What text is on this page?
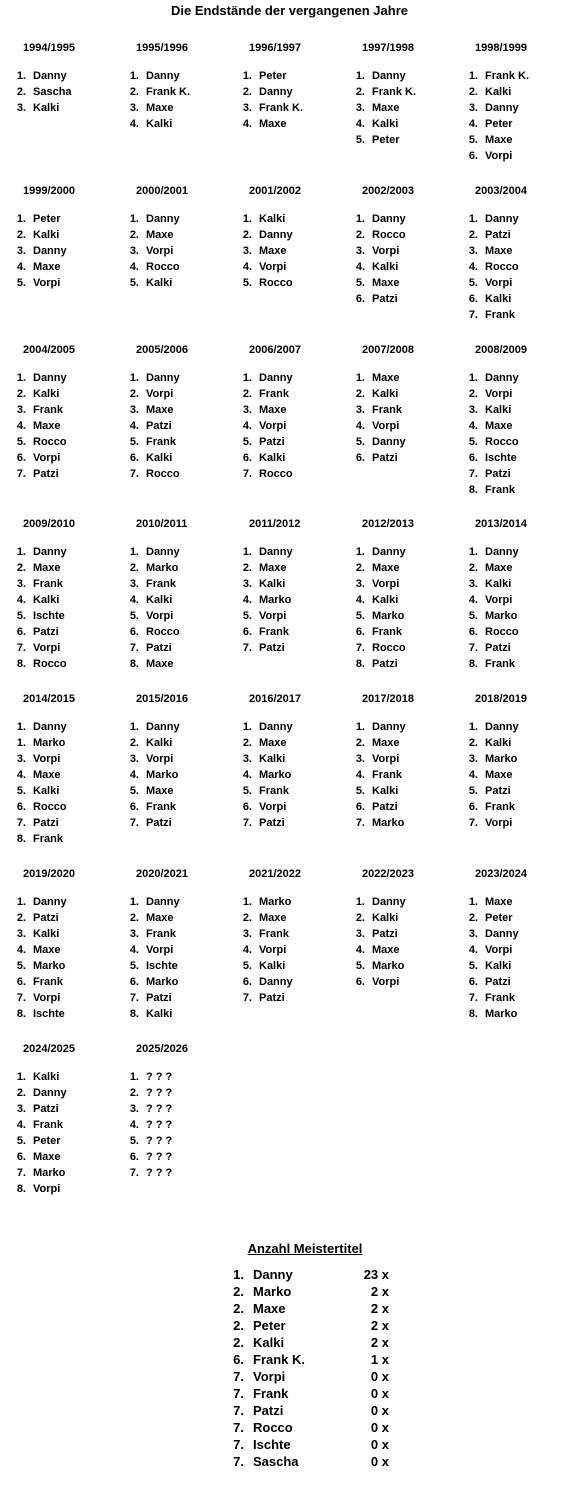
Die Endstände der vergangenen Jahre
1994/1995
1. Danny
2. Sascha
3. Kalki
1995/1996
1. Danny
2. Frank K.
3. Maxe
4. Kalki
1996/1997
1. Peter
2. Danny
3. Frank K.
4. Maxe
1997/1998
1. Danny
2. Frank K.
3. Maxe
4. Kalki
5. Peter
1998/1999
1. Frank K.
2. Kalki
3. Danny
4. Peter
5. Maxe
6. Vorpi
1999/2000
1. Peter
2. Kalki
3. Danny
4. Maxe
5. Vorpi
2000/2001
1. Danny
2. Maxe
3. Vorpi
4. Rocco
5. Kalki
2001/2002
1. Kalki
2. Danny
3. Maxe
4. Vorpi
5. Rocco
2002/2003
1. Danny
2. Rocco
3. Vorpi
4. Kalki
5. Maxe
6. Patzi
2003/2004
1. Danny
2. Patzi
3. Maxe
4. Rocco
5. Vorpi
6. Kalki
7. Frank
2004/2005
1. Danny
2. Kalki
3. Frank
4. Maxe
5. Rocco
6. Vorpi
7. Patzi
2005/2006
1. Danny
2. Vorpi
3. Maxe
4. Patzi
5. Frank
6. Kalki
7. Rocco
2006/2007
1. Danny
2. Frank
3. Maxe
4. Vorpi
5. Patzi
6. Kalki
7. Rocco
2007/2008
1. Maxe
2. Kalki
3. Frank
4. Vorpi
5. Danny
6. Patzi
2008/2009
1. Danny
2. Vorpi
3. Kalki
4. Maxe
5. Rocco
6. Ischte
7. Patzi
8. Frank
2009/2010
1. Danny
2. Maxe
3. Frank
4. Kalki
5. Ischte
6. Patzi
7. Vorpi
8. Rocco
2010/2011
1. Danny
2. Marko
3. Frank
4. Kalki
5. Vorpi
6. Rocco
7. Patzi
8. Maxe
2011/2012
1. Danny
2. Maxe
3. Kalki
4. Marko
5. Vorpi
6. Frank
7. Patzi
2012/2013
1. Danny
2. Maxe
3. Vorpi
4. Kalki
5. Marko
6. Frank
7. Rocco
8. Patzi
2013/2014
1. Danny
2. Maxe
3. Kalki
4. Vorpi
5. Marko
6. Rocco
7. Patzi
8. Frank
2014/2015
1. Danny
1. Marko
3. Vorpi
4. Maxe
5. Kalki
6. Rocco
7. Patzi
8. Frank
2015/2016
1. Danny
2. Kalki
3. Vorpi
4. Marko
5. Maxe
6. Frank
7. Patzi
2016/2017
1. Danny
2. Maxe
3. Kalki
4. Marko
5. Frank
6. Vorpi
7. Patzi
2017/2018
1. Danny
2. Maxe
3. Vorpi
4. Frank
5. Kalki
6. Patzi
7. Marko
2018/2019
1. Danny
2. Kalki
3. Marko
4. Maxe
5. Patzi
6. Frank
7. Vorpi
2019/2020
1. Danny
2. Patzi
3. Kalki
4. Maxe
5. Marko
6. Frank
7. Vorpi
8. Ischte
2020/2021
1. Danny
2. Maxe
3. Frank
4. Vorpi
5. Ischte
6. Marko
7. Patzi
8. Kalki
2021/2022
1. Marko
2. Maxe
3. Frank
4. Vorpi
5. Kalki
6. Danny
7. Patzi
2022/2023
1. Danny
2. Kalki
3. Patzi
4. Maxe
5. Marko
6. Vorpi
2023/2024
1. Maxe
2. Peter
3. Danny
4. Vorpi
5. Kalki
6. Patzi
7. Frank
8. Marko
2024/2025
1. Kalki
2. Danny
3. Patzi
4. Frank
5. Peter
6. Maxe
7. Marko
8. Vorpi
2025/2026
1. ? ? ?
2. ? ? ?
3. ? ? ?
4. ? ? ?
5. ? ? ?
6. ? ? ?
7. ? ? ?
Anzahl Meistertitel
1. Danny	23 x
2. Marko	2 x
2. Maxe	2 x
2. Peter	2 x
2. Kalki	2 x
6. Frank K.	1 x
7. Vorpi	0 x
7. Frank	0 x
7. Patzi	0 x
7. Rocco	0 x
7. Ischte	0 x
7. Sascha	0 x
